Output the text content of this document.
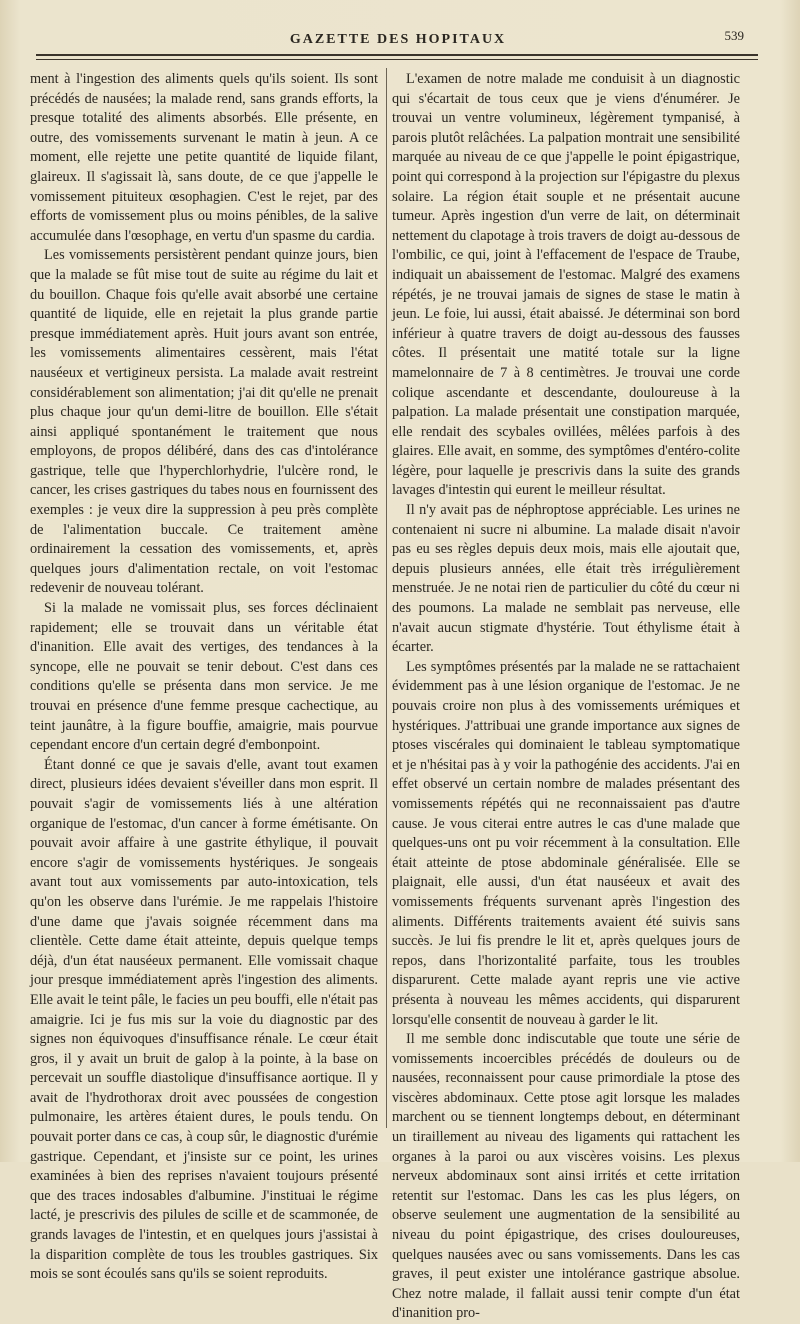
GAZETTE DES HOPITAUX	539

ment à l'ingestion des aliments quels qu'ils soient. Ils sont précédés de nausées; la malade rend, sans grands efforts, la presque totalité des aliments absorbés. Elle présente, en outre, des vomissements survenant le matin à jeun. A ce moment, elle rejette une petite quantité de liquide filant, glaireux. Il s'agissait là, sans doute, de ce que j'appelle le vomissement pituiteux œsophagien. C'est le rejet, par des efforts de vomissement plus ou moins pénibles, de la salive accumulée dans l'œsophage, en vertu d'un spasme du cardia.

Les vomissements persistèrent pendant quinze jours, bien que la malade se fût mise tout de suite au régime du lait et du bouillon. Chaque fois qu'elle avait absorbé une certaine quantité de liquide, elle en rejetait la plus grande partie presque immédiatement après. Huit jours avant son entrée, les vomissements alimentaires cessèrent, mais l'état nauséeux et vertigineux persista. La malade avait restreint considérablement son alimentation; j'ai dit qu'elle ne prenait plus chaque jour qu'un demi-litre de bouillon. Elle s'était ainsi appliqué spontanément le traitement que nous employons, de propos délibéré, dans des cas d'intolérance gastrique, telle que l'hyperchlorhydrie, l'ulcère rond, le cancer, les crises gastriques du tabes nous en fournissent des exemples : je veux dire la suppression à peu près complète de l'alimentation buccale. Ce traitement amène ordinairement la cessation des vomissements, et, après quelques jours d'alimentation rectale, on voit l'estomac redevenir de nouveau tolérant.

Si la malade ne vomissait plus, ses forces déclinaient rapidement; elle se trouvait dans un véritable état d'inanition. Elle avait des vertiges, des tendances à la syncope, elle ne pouvait se tenir debout. C'est dans ces conditions qu'elle se présenta dans mon service. Je me trouvai en présence d'une femme presque cachectique, au teint jaunâtre, à la figure bouffie, amaigrie, mais pourvue cependant encore d'un certain degré d'embonpoint.

Étant donné ce que je savais d'elle, avant tout examen direct, plusieurs idées devaient s'éveiller dans mon esprit. Il pouvait s'agir de vomissements liés à une altération organique de l'estomac, d'un cancer à forme émétisante. On pouvait avoir affaire à une gastrite éthylique, il pouvait encore s'agir de vomissements hystériques. Je songeais avant tout aux vomissements par auto-intoxication, tels qu'on les observe dans l'urémie. Je me rappelais l'histoire d'une dame que j'avais soignée récemment dans ma clientèle. Cette dame était atteinte, depuis quelque temps déjà, d'un état nauséeux permanent. Elle vomissait chaque jour presque immédiatement après l'ingestion des aliments. Elle avait le teint pâle, le facies un peu bouffi, elle n'était pas amaigrie. Ici je fus mis sur la voie du diagnostic par des signes non équivoques d'insuffisance rénale. Le cœur était gros, il y avait un bruit de galop à la pointe, à la base on percevait un souffle diastolique d'insuffisance aortique. Il y avait de l'hydrothorax droit avec poussées de congestion pulmonaire, les artères étaient dures, le pouls tendu. On pouvait porter dans ce cas, à coup sûr, le diagnostic d'urémie gastrique. Cependant, et j'insiste sur ce point, les urines examinées à bien des reprises n'avaient toujours présenté que des traces indosables d'albumine. J'instituai le régime lacté, je prescrivis des pilules de scille et de scammonée, de grands lavages de l'intestin, et en quelques jours j'assistai à la disparition complète de tous les troubles gastriques. Six mois se sont écoulés sans qu'ils se soient reproduits.

L'examen de notre malade me conduisit à un diagnostic qui s'écartait de tous ceux que je viens d'énumérer. Je trouvai un ventre volumineux, légèrement tympanisé, à parois plutôt relâchées. La palpation montrait une sensibilité marquée au niveau de ce que j'appelle le point épigastrique, point qui correspond à la projection sur l'épigastre du plexus solaire. La région était souple et ne présentait aucune tumeur. Après ingestion d'un verre de lait, on déterminait nettement du clapotage à trois travers de doigt au-dessous de l'ombilic, ce qui, joint à l'effacement de l'espace de Traube, indiquait un abaissement de l'estomac. Malgré des examens répétés, je ne trouvai jamais de signes de stase le matin à jeun. Le foie, lui aussi, était abaissé. Je déterminai son bord inférieur à quatre travers de doigt au-dessous des fausses côtes. Il présentait une matité totale sur la ligne mamelonnaire de 7 à 8 centimètres. Je trouvai une corde colique ascendante et descendante, douloureuse à la palpation. La malade présentait une constipation marquée, elle rendait des scybales ovillées, mêlées parfois à des glaires. Elle avait, en somme, des symptômes d'entéro-colite légère, pour laquelle je prescrivis dans la suite des grands lavages d'intestin qui eurent le meilleur résultat.

Il n'y avait pas de néphroptose appréciable. Les urines ne contenaient ni sucre ni albumine. La malade disait n'avoir pas eu ses règles depuis deux mois, mais elle ajoutait que, depuis plusieurs années, elle était très irrégulièrement menstruée. Je ne notai rien de particulier du côté du cœur ni des poumons. La malade ne semblait pas nerveuse, elle n'avait aucun stigmate d'hystérie. Tout éthylisme était à écarter.

Les symptômes présentés par la malade ne se rattachaient évidemment pas à une lésion organique de l'estomac. Je ne pouvais croire non plus à des vomissements urémiques et hystériques. J'attribuai une grande importance aux signes de ptoses viscérales qui dominaient le tableau symptomatique et je n'hésitai pas à y voir la pathogénie des accidents. J'ai en effet observé un certain nombre de malades présentant des vomissements répétés qui ne reconnaissaient pas d'autre cause. Je vous citerai entre autres le cas d'une malade que quelques-uns ont pu voir récemment à la consultation. Elle était atteinte de ptose abdominale généralisée. Elle se plaignait, elle aussi, d'un état nauséeux et avait des vomissements fréquents survenant après l'ingestion des aliments. Différents traitements avaient été suivis sans succès. Je lui fis prendre le lit et, après quelques jours de repos, dans l'horizontalité parfaite, tous les troubles disparurent. Cette malade ayant repris une vie active présenta à nouveau les mêmes accidents, qui disparurent lorsqu'elle consentit de nouveau à garder le lit.

Il me semble donc indiscutable que toute une série de vomissements incoercibles précédés de douleurs ou de nausées, reconnaissent pour cause primordiale la ptose des viscères abdominaux. Cette ptose agit lorsque les malades marchent ou se tiennent longtemps debout, en déterminant un tiraillement au niveau des ligaments qui rattachent les organes à la paroi ou aux viscères voisins. Les plexus nerveux abdominaux sont ainsi irrités et cette irritation retentit sur l'estomac. Dans les cas les plus légers, on observe seulement une augmentation de la sensibilité au niveau du point épigastrique, des crises douloureuses, quelques nausées avec ou sans vomissements. Dans les cas graves, il peut exister une intolérance gastrique absolue. Chez notre malade, il fallait aussi tenir compte d'un état d'inanition pro-
